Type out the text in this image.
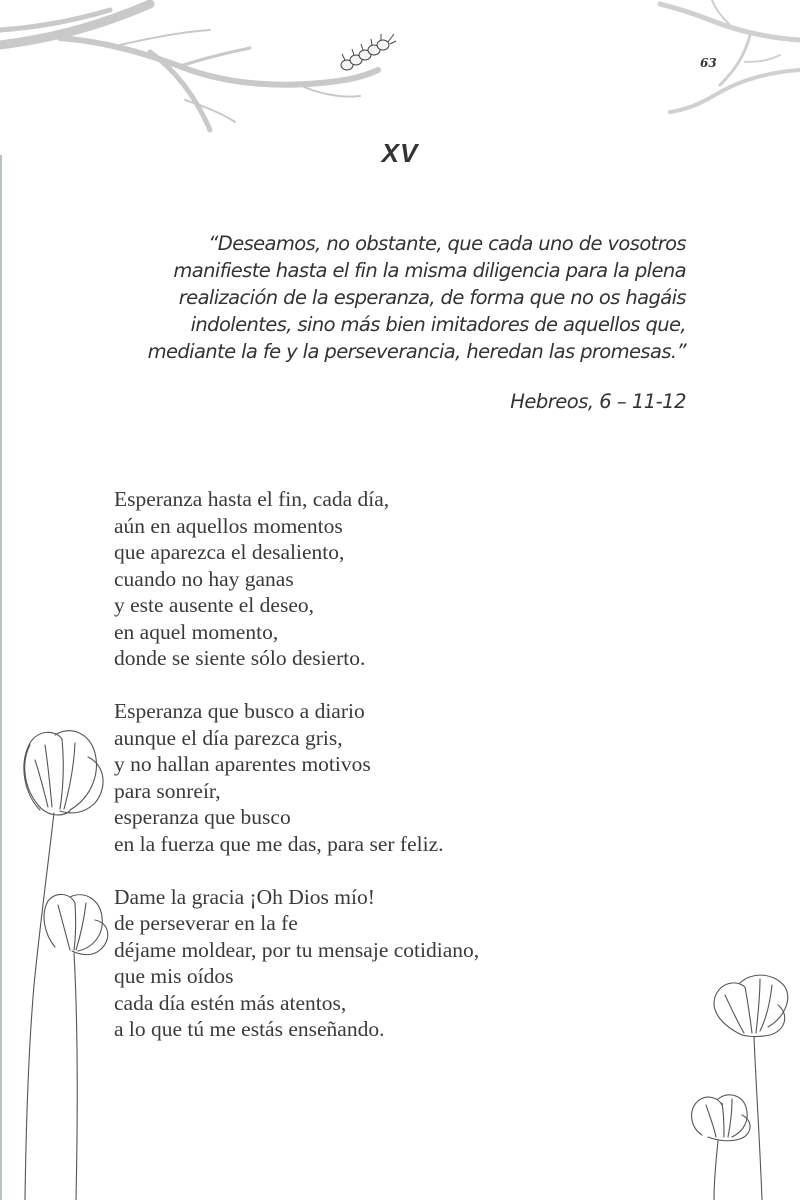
63
XV
“Deseamos, no obstante, que cada uno de vosotros
manifieste hasta el fin la misma diligencia para la plena
realización de la esperanza, de forma que no os hagáis
indolentes, sino más bien imitadores de aquellos que,
mediante la fe y la perseverancia, heredan las promesas.”
Hebreos, 6 – 11-12
Esperanza hasta el fin, cada día,
aún en aquellos momentos
que aparezca el desaliento,
cuando no hay ganas
y este ausente el deseo,
en aquel momento,
donde se siente sólo desierto.
Esperanza que busco a diario
aunque el día parezca gris,
y no hallan aparentes motivos
para sonreír,
esperanza que busco
en la fuerza que me das, para ser feliz.
Dame la gracia ¡Oh Dios mío!
de perseverar en la fe
déjame moldear, por tu mensaje cotidiano,
que mis oídos
cada día estén más atentos,
a lo que tú me estás enseñando.
